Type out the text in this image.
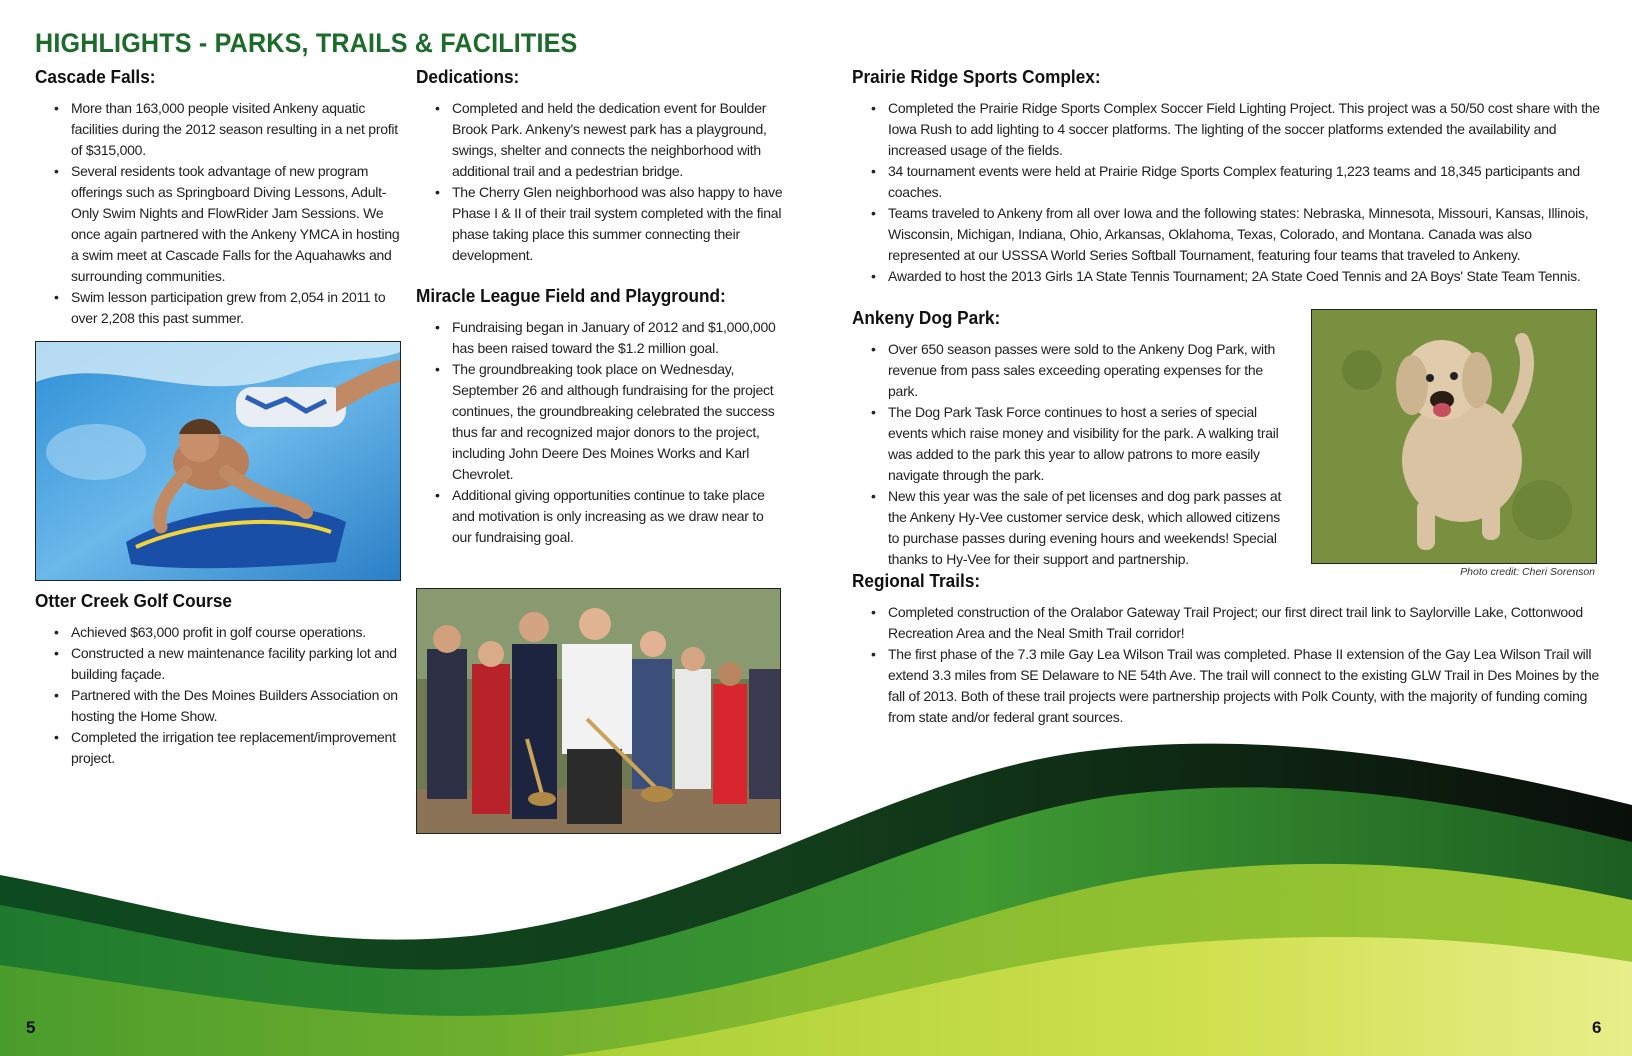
HIGHLIGHTS - PARKS, TRAILS & FACILITIES
Cascade Falls:
• More than 163,000 people visited Ankeny aquatic facilities during the 2012 season resulting in a net profit of $315,000.
• Several residents took advantage of new program offerings such as Springboard Diving Lessons, Adult-Only Swim Nights and FlowRider Jam Sessions. We once again partnered with the Ankeny YMCA in hosting a swim meet at Cascade Falls for the Aquahawks and surrounding communities.
• Swim lesson participation grew from 2,054 in 2011 to over 2,208 this past summer.
Otter Creek Golf Course
• Achieved $63,000 profit in golf course operations.
• Constructed a new maintenance facility parking lot and building façade.
• Partnered with the Des Moines Builders Association on hosting the Home Show.
• Completed the irrigation tee replacement/improvement project.
Dedications:
• Completed and held the dedication event for Boulder Brook Park. Ankeny's newest park has a playground, swings, shelter and connects the neighborhood with additional trail and a pedestrian bridge.
• The Cherry Glen neighborhood was also happy to have Phase I & II of their trail system completed with the final phase taking place this summer connecting their development.
Miracle League Field and Playground:
• Fundraising began in January of 2012 and $1,000,000 has been raised toward the $1.2 million goal.
• The groundbreaking took place on Wednesday, September 26 and although fundraising for the project continues, the groundbreaking celebrated the success thus far and recognized major donors to the project, including John Deere Des Moines Works and Karl Chevrolet.
• Additional giving opportunities continue to take place and motivation is only increasing as we draw near to our fundraising goal.
Prairie Ridge Sports Complex:
• Completed the Prairie Ridge Sports Complex Soccer Field Lighting Project. This project was a 50/50 cost share with the Iowa Rush to add lighting to 4 soccer platforms. The lighting of the soccer platforms extended the availability and increased usage of the fields.
• 34 tournament events were held at Prairie Ridge Sports Complex featuring 1,223 teams and 18,345 participants and coaches.
• Teams traveled to Ankeny from all over Iowa and the following states: Nebraska, Minnesota, Missouri, Kansas, Illinois, Wisconsin, Michigan, Indiana, Ohio, Arkansas, Oklahoma, Texas, Colorado, and Montana. Canada was also represented at our USSSA World Series Softball Tournament, featuring four teams that traveled to Ankeny.
• Awarded to host the 2013 Girls 1A State Tennis Tournament; 2A State Coed Tennis and 2A Boys' State Team Tennis.
Ankeny Dog Park:
• Over 650 season passes were sold to the Ankeny Dog Park, with revenue from pass sales exceeding operating expenses for the park.
• The Dog Park Task Force continues to host a series of special events which raise money and visibility for the park. A walking trail was added to the park this year to allow patrons to more easily navigate through the park.
• New this year was the sale of pet licenses and dog park passes at the Ankeny Hy-Vee customer service desk, which allowed citizens to purchase passes during evening hours and weekends! Special thanks to Hy-Vee for their support and partnership.
Photo credit: Cheri Sorenson
Regional Trails:
• Completed construction of the Oralabor Gateway Trail Project; our first direct trail link to Saylorville Lake, Cottonwood Recreation Area and the Neal Smith Trail corridor!
• The first phase of the 7.3 mile Gay Lea Wilson Trail was completed. Phase II extension of the Gay Lea Wilson Trail will extend 3.3 miles from SE Delaware to NE 54th Ave. The trail will connect to the existing GLW Trail in Des Moines by the fall of 2013. Both of these trail projects were partnership projects with Polk County, with the majority of funding coming from state and/or federal grant sources.
5	6
